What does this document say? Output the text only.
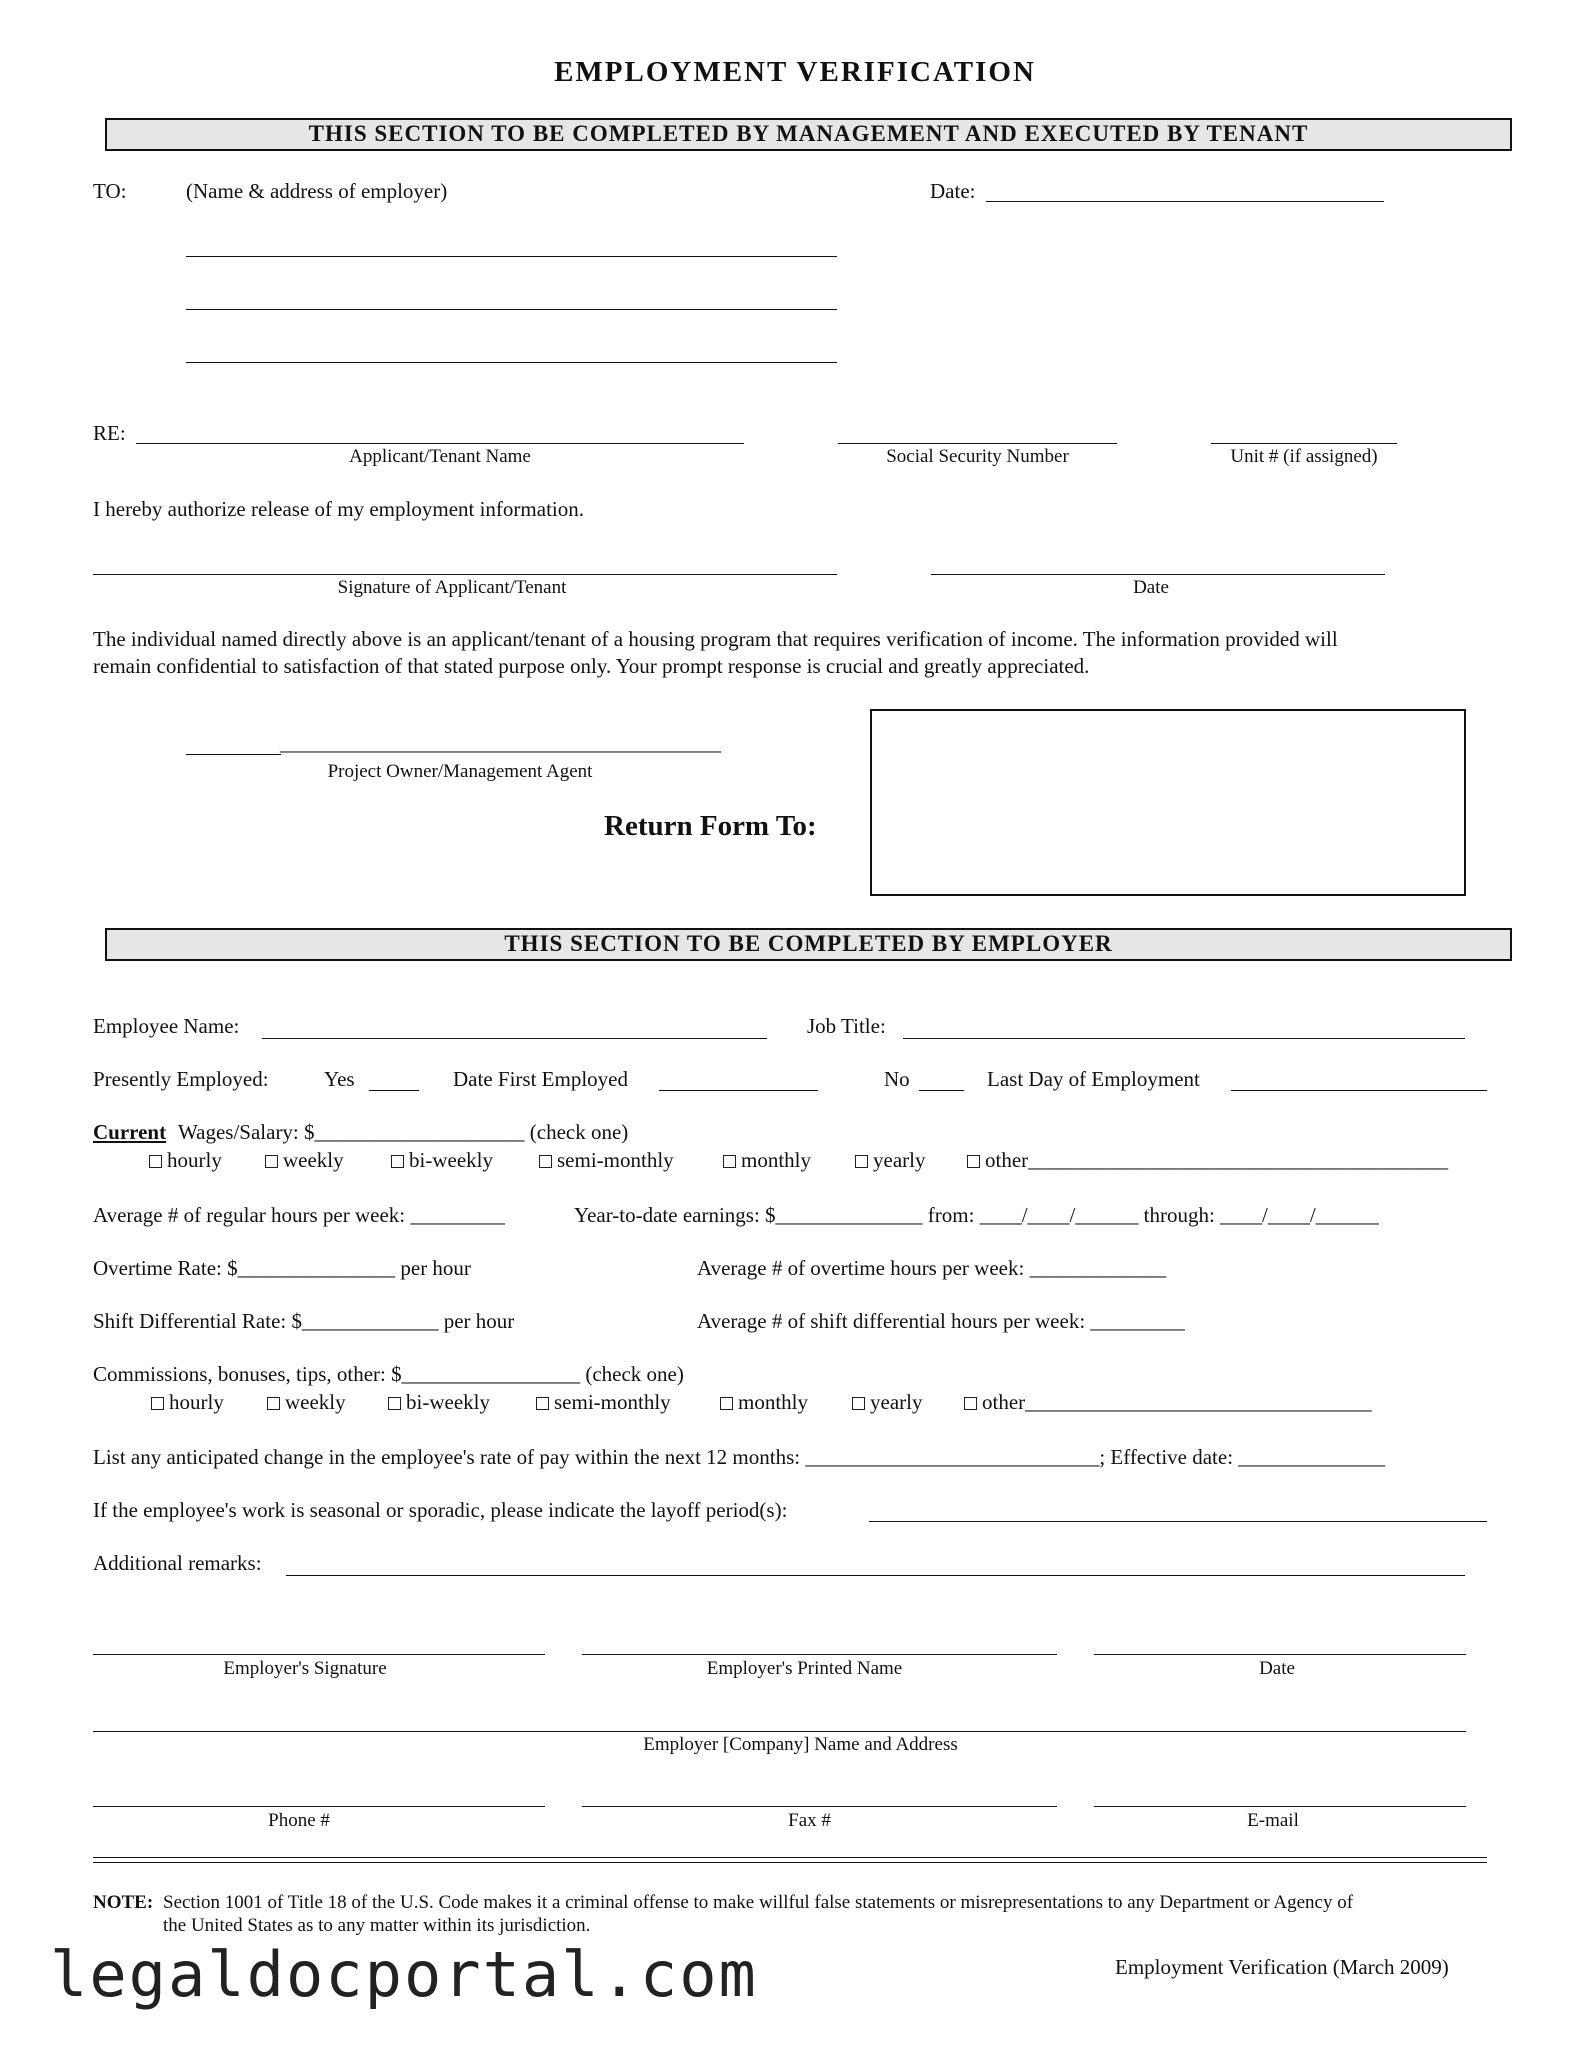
EMPLOYMENT VERIFICATION
THIS SECTION TO BE COMPLETED BY MANAGEMENT AND EXECUTED BY TENANT
TO:	(Name & address of employer)	Date:
RE:
Applicant/Tenant Name	Social Security Number	Unit # (if assigned)
I hereby authorize release of my employment information.
Signature of Applicant/Tenant	Date
The individual named directly above is an applicant/tenant of a housing program that requires verification of income. The information provided will
remain confidential to satisfaction of that stated purpose only. Your prompt response is crucial and greatly appreciated.
__________________________________________
Project Owner/Management Agent
Return Form To:
THIS SECTION TO BE COMPLETED BY EMPLOYER
Employee Name:	Job Title:
Presently Employed:	Yes	Date First Employed	No	Last Day of Employment
Current Wages/Salary: $____________________ (check one)
hourly	weekly	bi-weekly	semi-monthly	monthly	yearly	other________________________________________
Average # of regular hours per week: _________	Year-to-date earnings: $______________ from: ____/____/______ through: ____/____/______
Overtime Rate: $_______________ per hour	Average # of overtime hours per week: _____________
Shift Differential Rate: $_____________ per hour	Average # of shift differential hours per week: _________
Commissions, bonuses, tips, other: $_________________ (check one)
hourly	weekly	bi-weekly	semi-monthly	monthly	yearly	other_________________________________
List any anticipated change in the employee's rate of pay within the next 12 months: ____________________________; Effective date: ______________
If the employee's work is seasonal or sporadic, please indicate the layoff period(s):
Additional remarks:
Employer's Signature	Employer's Printed Name	Date
Employer [Company] Name and Address
Phone #	Fax #	E-mail
NOTE: Section 1001 of Title 18 of the U.S. Code makes it a criminal offense to make willful false statements or misrepresentations to any Department or Agency of
the United States as to any matter within its jurisdiction.
legaldocportal.com	Employment Verification (March 2009)
